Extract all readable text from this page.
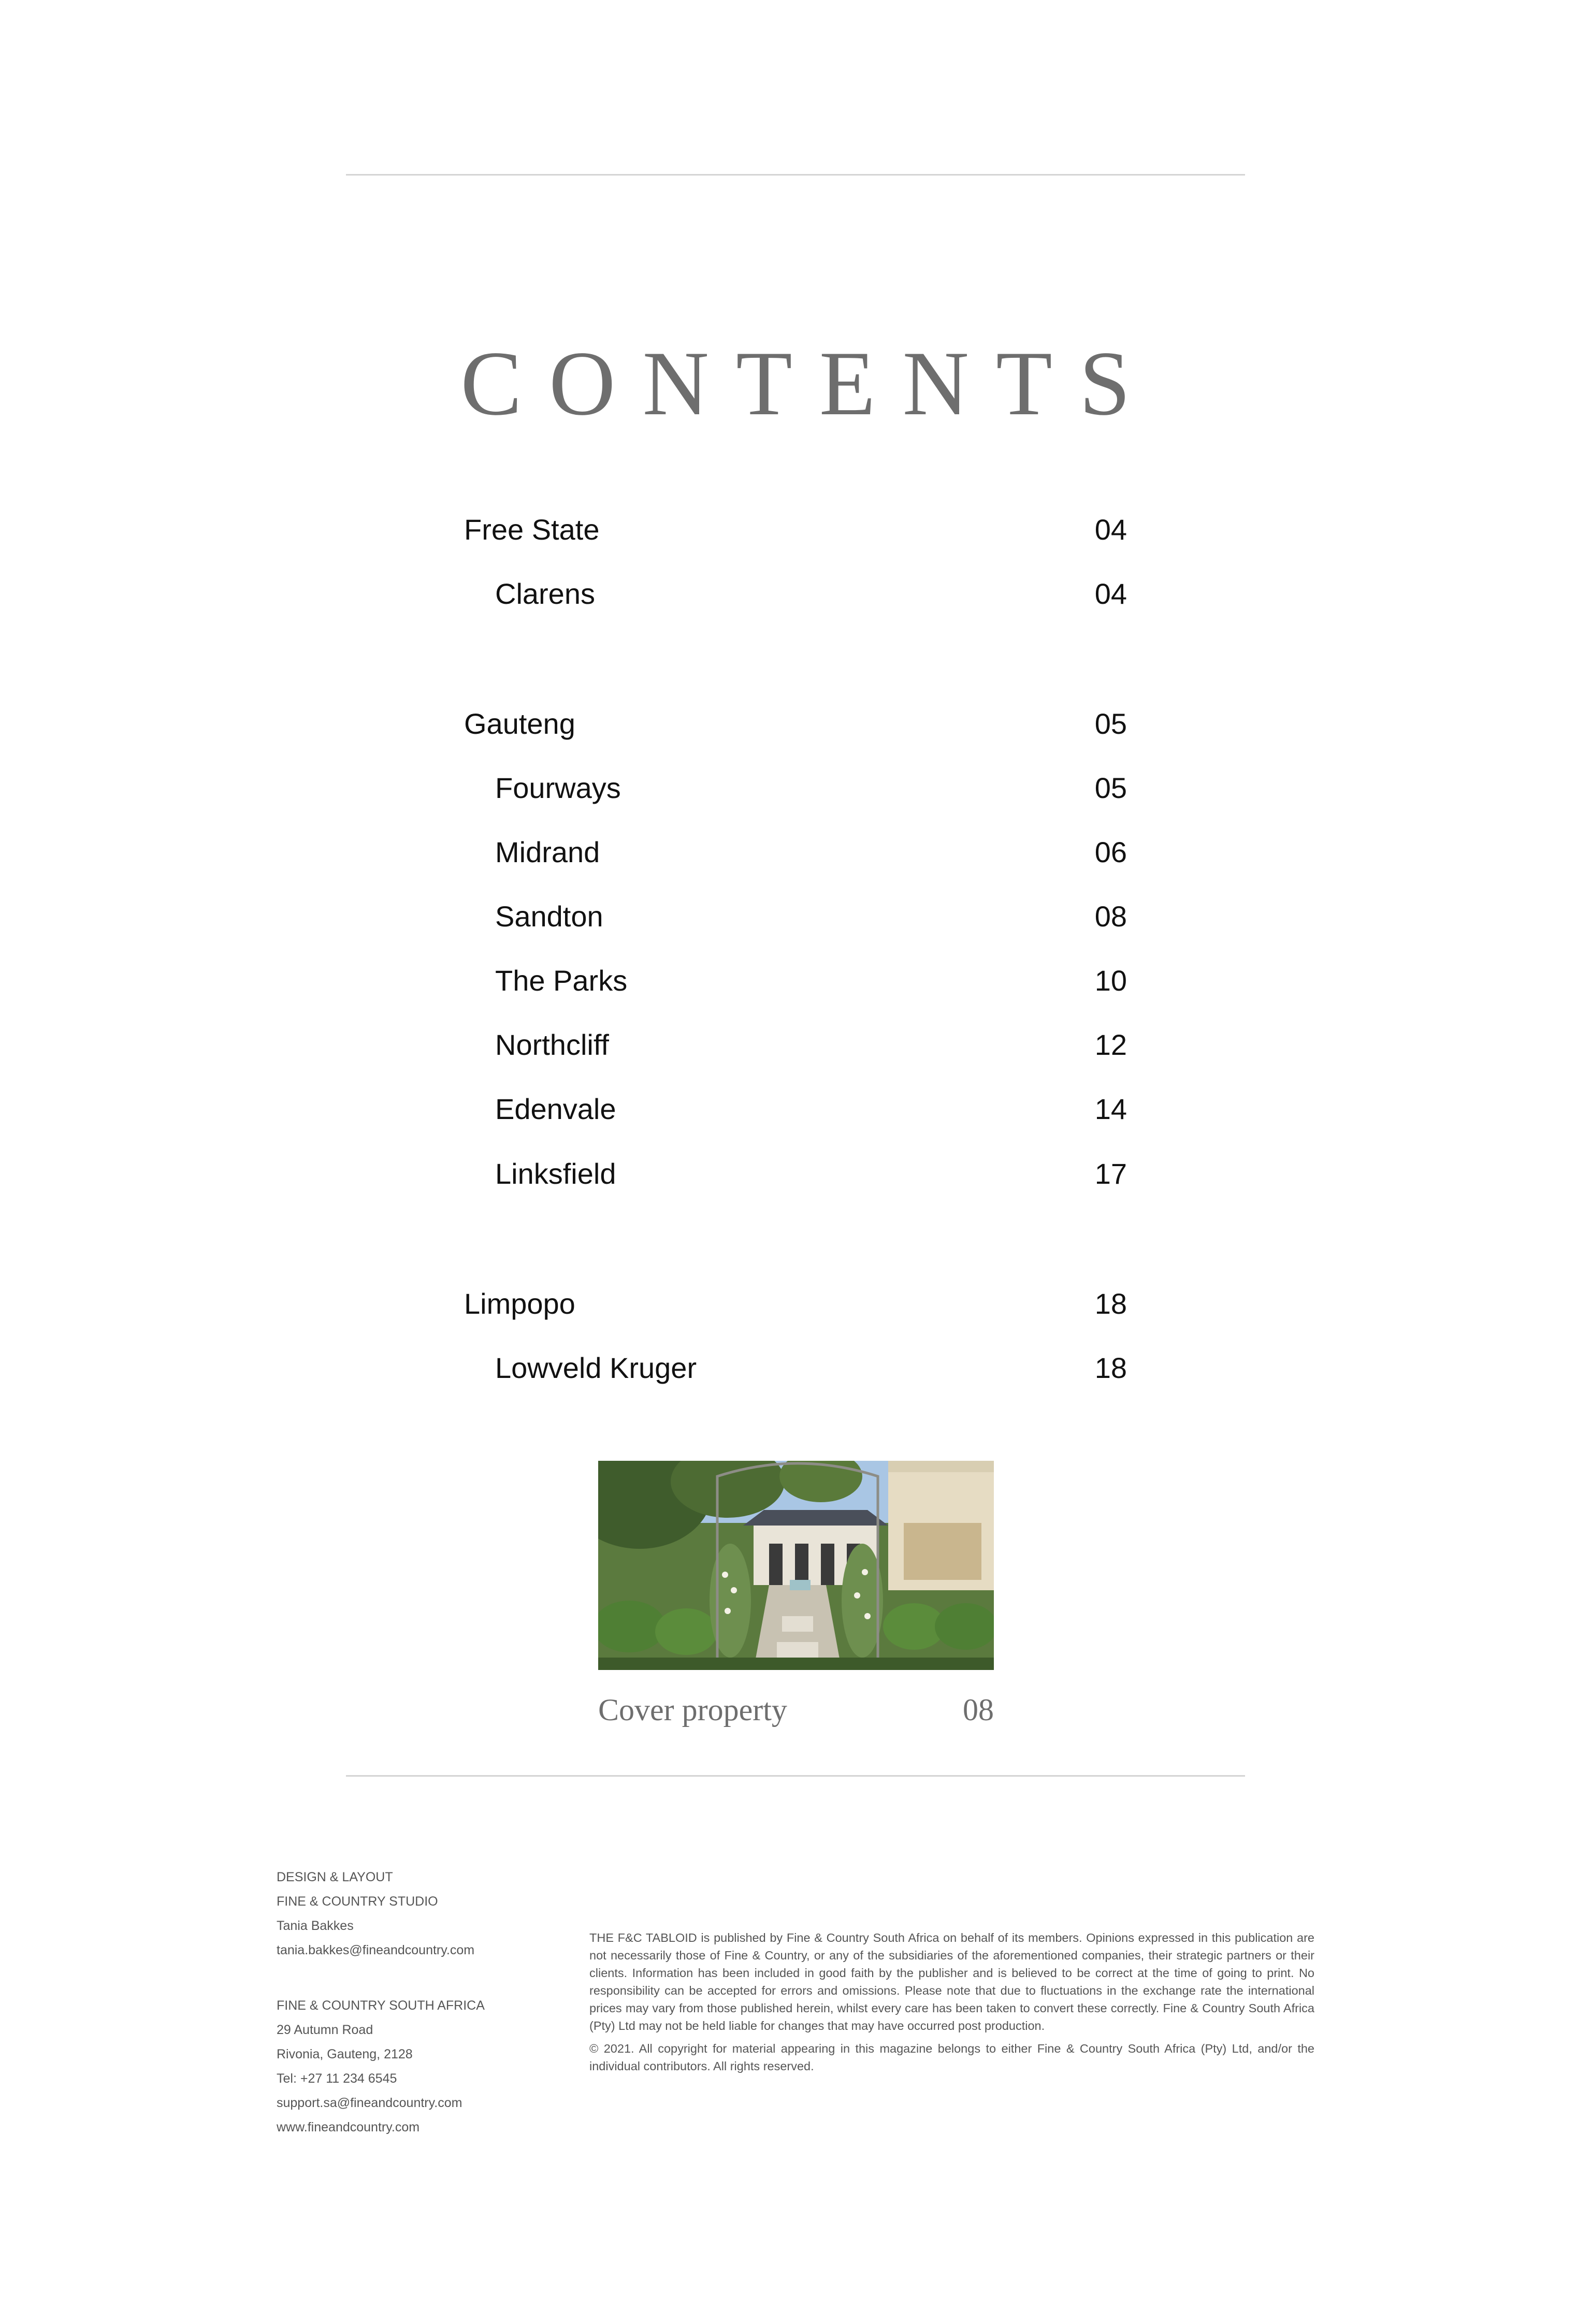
CONTENTS
Free State	04
Clarens	04
Gauteng	05
Fourways	05
Midrand	06
Sandton	08
The Parks	10
Northcliff	12
Edenvale	14
Linksfield	17
Limpopo	18
Lowveld Kruger	18
Cover property	08
DESIGN & LAYOUT
FINE & COUNTRY STUDIO
Tania Bakkes
tania.bakkes@fineandcountry.com
FINE & COUNTRY SOUTH AFRICA
29 Autumn Road
Rivonia, Gauteng, 2128
Tel: +27 11 234 6545
support.sa@fineandcountry.com
www.fineandcountry.com

THE F&C TABLOID is published by Fine & Country South Africa on behalf of its members. Opinions expressed in this publication are not necessarily those of Fine & Country, or any of the subsidiaries of the aforementioned companies, their strategic partners or their clients. Information has been included in good faith by the publisher and is believed to be correct at the time of going to print. No responsibility can be accepted for errors and omissions. Please note that due to fluctuations in the exchange rate the international prices may vary from those published herein, whilst every care has been taken to convert these correctly. Fine & Country South Africa (Pty) Ltd may not be held liable for changes that may have occurred post production.

© 2021. All copyright for material appearing in this magazine belongs to either Fine & Country South Africa (Pty) Ltd, and/or the individual contributors. All rights reserved.
